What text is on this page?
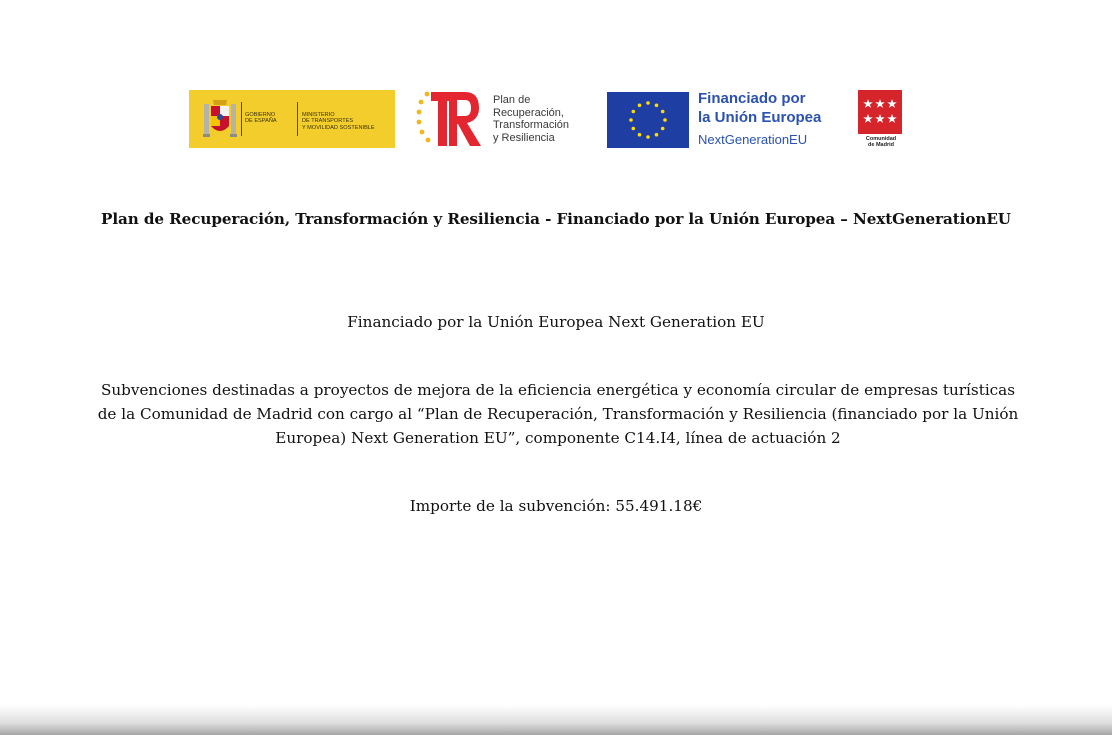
GOBIERNO
DE ESPAÑA
MINISTERIO
DE TRANSPORTES
Y MOVILIDAD SOSTENIBLE
Plan de
Recuperación,
Transformación
y Resiliencia
Financiado por
la Unión Europea
NextGenerationEU	Comunidad
de Madrid
Plan de Recuperación, Transformación y Resiliencia - Financiado por la Unión Europea – NextGenerationEU
Financiado por la Unión Europea Next Generation EU
Subvenciones destinadas a proyectos de mejora de la eficiencia energética y economía circular de empresas turísticas de la Comunidad de Madrid con cargo al “Plan de Recuperación, Transformación y Resiliencia (financiado por la Unión Europea) Next Generation EU”, componente C14.I4, línea de actuación 2
Importe de la subvención: 55.491.18€
